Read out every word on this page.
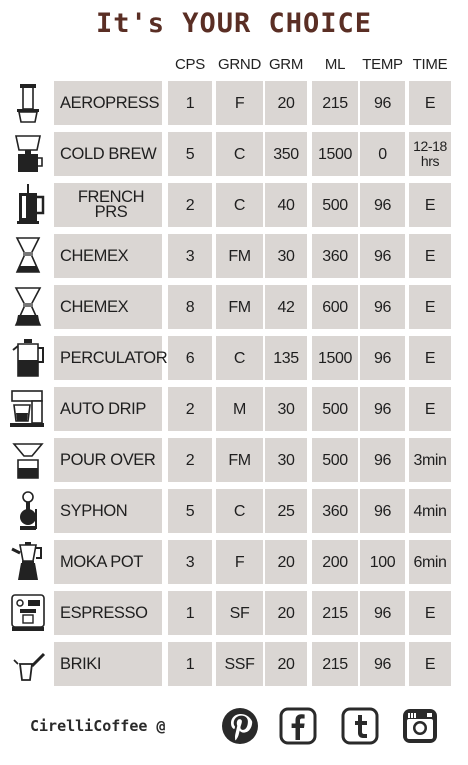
It's YOUR CHOICE
CPS GRND GRM	ML	TEMP TIME
AEROPRESS	1	F	20	215	96	E
COLD BREW	5	C	350	1500	0	12-18 hrs
FRENCH PRS	2	C	40	500	96	E
CHEMEX	3	FM	30	360	96	E
CHEMEX	8	FM	42	600	96	E
PERCULATOR	6	C	135	1500	96	E
AUTO DRIP	2	M	30	500	96	E
POUR OVER	2	FM	30	500	96	3min
SYPHON	5	C	25	360	96	4min
MOKA POT	3	F	20	200	100	6min
ESPRESSO	1	SF	20	215	96	E
BRIKI	1	SSF	20	215	96	E
CirelliCoffee @
